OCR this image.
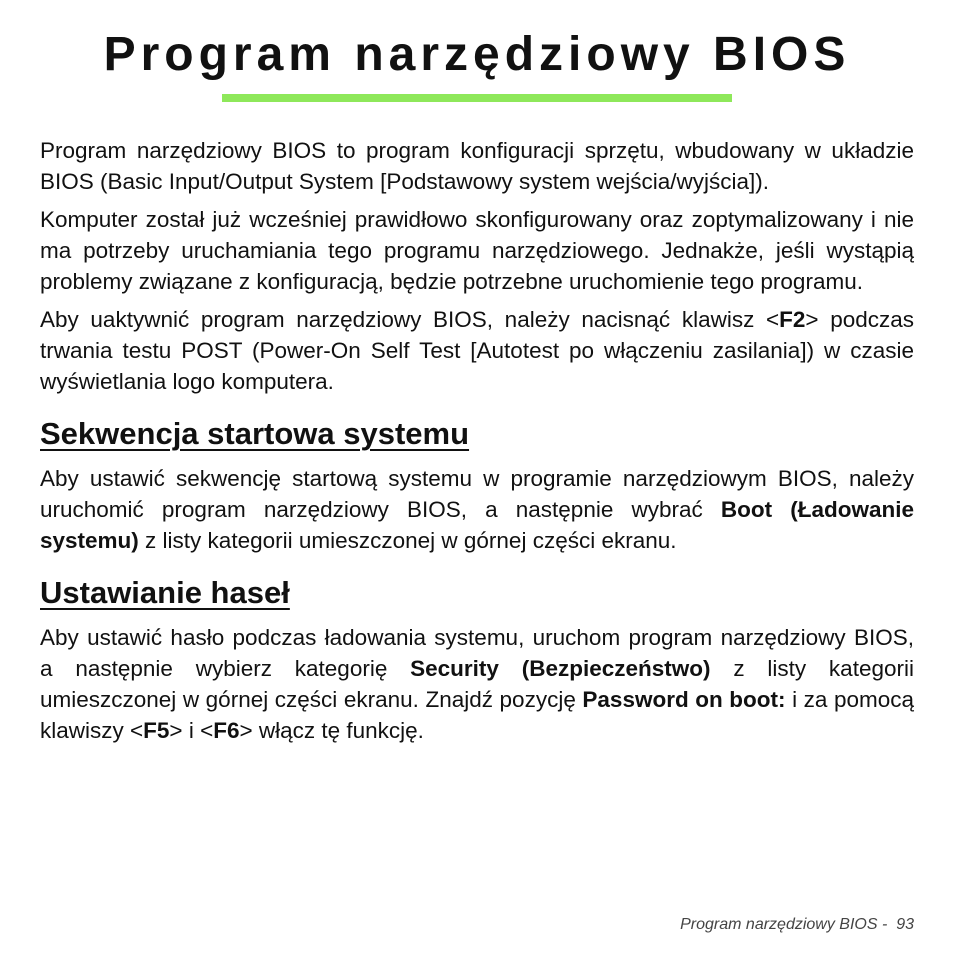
Program narzędziowy BIOS

Program narzędziowy BIOS to program konfiguracji sprzętu, wbudowany w układzie BIOS (Basic Input/Output System [Podstawowy system wejścia/wyjścia]).

Komputer został już wcześniej prawidłowo skonfigurowany oraz zoptymalizowany i nie ma potrzeby uruchamiania tego programu narzędziowego. Jednakże, jeśli wystąpią problemy związane z konfiguracją, będzie potrzebne uruchomienie tego programu.

Aby uaktywnić program narzędziowy BIOS, należy nacisnąć klawisz <F2> podczas trwania testu POST (Power-On Self Test [Autotest po włączeniu zasilania]) w czasie wyświetlania logo komputera.

Sekwencja startowa systemu

Aby ustawić sekwencję startową systemu w programie narzędziowym BIOS, należy uruchomić program narzędziowy BIOS, a następnie wybrać Boot (Ładowanie systemu) z listy kategorii umieszczonej w górnej części ekranu.

Ustawianie haseł

Aby ustawić hasło podczas ładowania systemu, uruchom program narzędziowy BIOS, a następnie wybierz kategorię Security (Bezpieczeństwo) z listy kategorii umieszczonej w górnej części ekranu. Znajdź pozycję Password on boot: i za pomocą klawiszy <F5> i <F6> włącz tę funkcję.

Program narzędziowy BIOS - 93
